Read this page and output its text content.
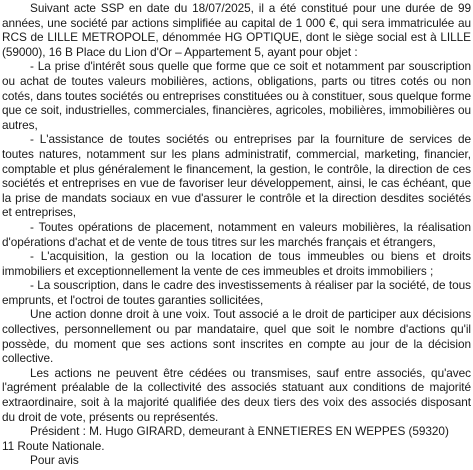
Suivant acte SSP en date du 18/07/2025, il a été constitué pour une durée de 99 années, une société par actions simplifiée au capital de 1 000 €, qui sera immatriculée au RCS de LILLE METROPOLE, dénommée HG OPTIQUE, dont le siège social est à LILLE (59000), 16 B Place du Lion d'Or – Appartement 5, ayant pour objet :

- La prise d'intérêt sous quelle que forme que ce soit et notamment par souscription ou achat de toutes valeurs mobilières, actions, obligations, parts ou titres cotés ou non cotés, dans toutes sociétés ou entreprises constituées ou à constituer, sous quelque forme que ce soit, industrielles, commerciales, financières, agricoles, mobilières, immobilières ou autres,

- L'assistance de toutes sociétés ou entreprises par la fourniture de services de toutes natures, notamment sur les plans administratif, commercial, marketing, financier, comptable et plus généralement le financement, la gestion, le contrôle, la direction de ces sociétés et entreprises en vue de favoriser leur développement, ainsi, le cas échéant, que la prise de mandats sociaux en vue d'assurer le contrôle et la direction desdites sociétés et entreprises,

- Toutes opérations de placement, notamment en valeurs mobilières, la réalisation d'opérations d'achat et de vente de tous titres sur les marchés français et étrangers,

- L'acquisition, la gestion ou la location de tous immeubles ou biens et droits immobiliers et exceptionnellement la vente de ces immeubles et droits immobiliers ;

- La souscription, dans le cadre des investissements à réaliser par la société, de tous emprunts, et l'octroi de toutes garanties sollicitées,

Une action donne droit à une voix. Tout associé a le droit de participer aux décisions collectives, personnellement ou par mandataire, quel que soit le nombre d'actions qu'il possède, du moment que ses actions sont inscrites en compte au jour de la décision collective.

Les actions ne peuvent être cédées ou transmises, sauf entre associés, qu'avec l'agrément préalable de la collectivité des associés statuant aux conditions de majorité extraordinaire, soit à la majorité qualifiée des deux tiers des voix des associés disposant du droit de vote, présents ou représentés.

Président : M. Hugo GIRARD, demeurant à ENNETIERES EN WEPPES (59320)

11 Route Nationale.

Pour avis
